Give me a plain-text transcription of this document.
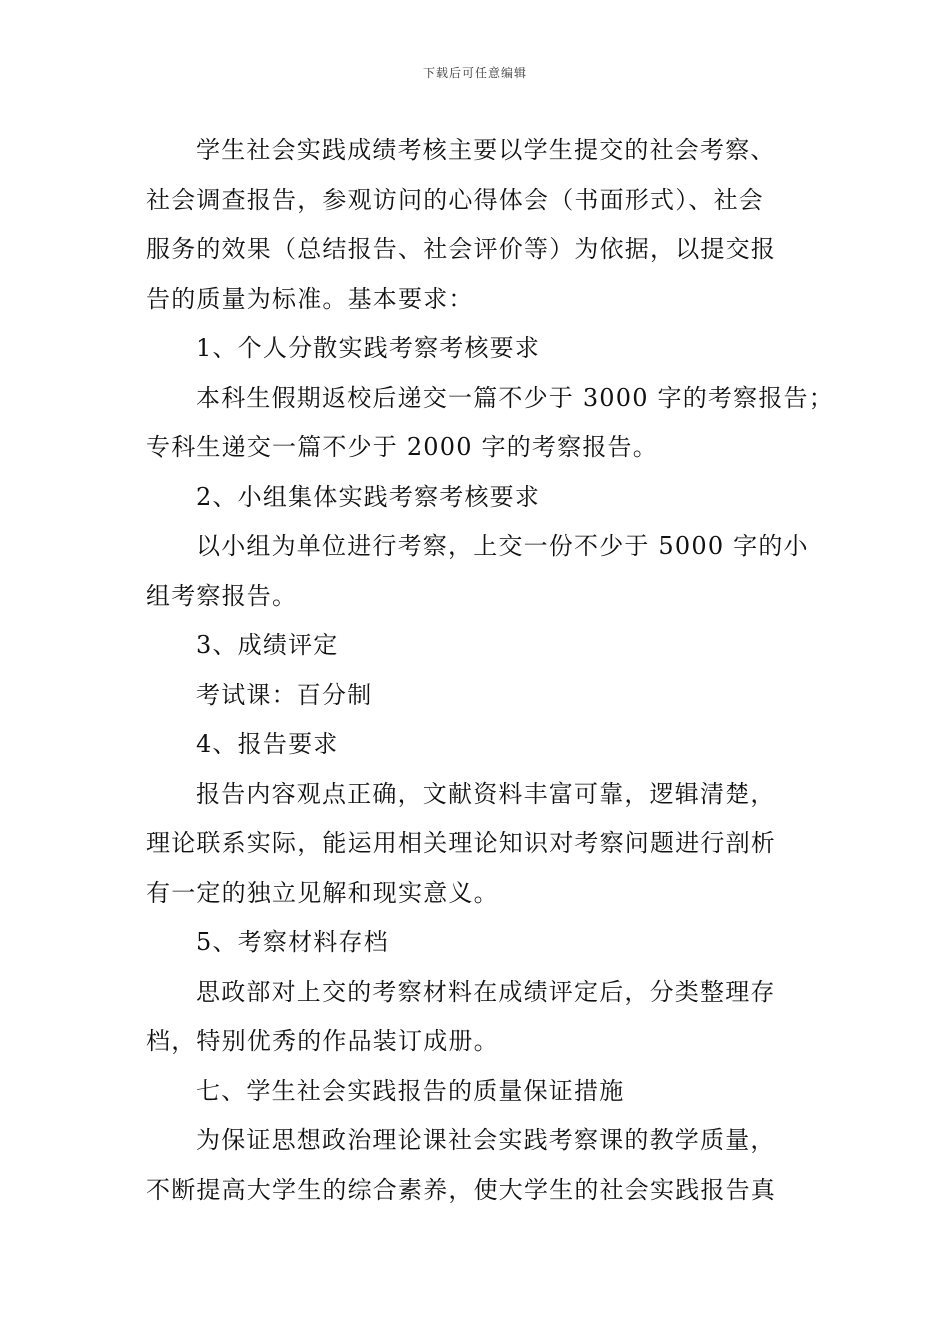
下载后可任意编辑

学生社会实践成绩考核主要以学生提交的社会考察、

社会调查报告，参观访问的心得体会（书面形式）、社会

服务的效果（总结报告、社会评价等）为依据，以提交报

告的质量为标准。基本要求：

1、个人分散实践考察考核要求

本科生假期返校后递交一篇不少于 3000 字的考察报告；

专科生递交一篇不少于 2000 字的考察报告。

2、小组集体实践考察考核要求

以小组为单位进行考察，上交一份不少于 5000 字的小

组考察报告。

3、成绩评定

考试课：百分制

4、报告要求

报告内容观点正确，文献资料丰富可靠，逻辑清楚，

理论联系实际，能运用相关理论知识对考察问题进行剖析

有一定的独立见解和现实意义。

5、考察材料存档

思政部对上交的考察材料在成绩评定后，分类整理存

档，特别优秀的作品装订成册。

七、学生社会实践报告的质量保证措施

为保证思想政治理论课社会实践考察课的教学质量，

不断提高大学生的综合素养，使大学生的社会实践报告真
